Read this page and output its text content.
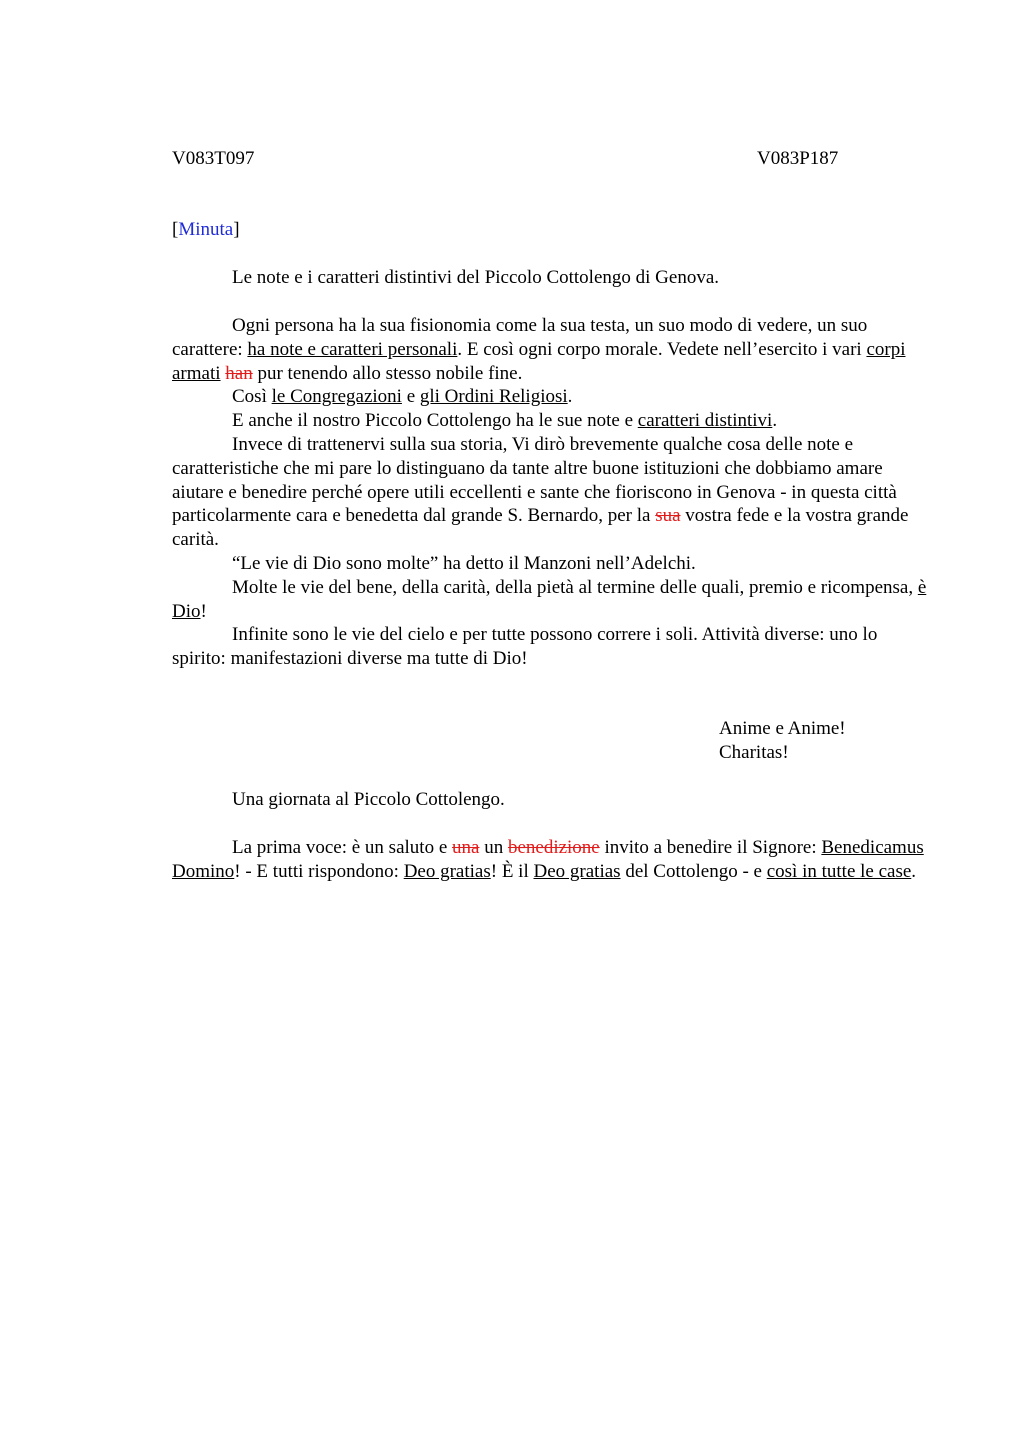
V083T097	V083P187
[Minuta]
Le note e i caratteri distintivi del Piccolo Cottolengo di Genova.

Ogni persona ha la sua fisionomia come la sua testa, un suo modo di vedere, un suo carattere: ha note e caratteri personali. E così ogni corpo morale. Vedete nell’esercito i vari corpi armati han pur tenendo allo stesso nobile fine.

Così le Congregazioni e gli Ordini Religiosi.

E anche il nostro Piccolo Cottolengo ha le sue note e caratteri distintivi.

Invece di trattenervi sulla sua storia, Vi dirò brevemente qualche cosa delle note e caratteristiche che mi pare lo distinguano da tante altre buone istituzioni che dobbiamo amare aiutare e benedire perché opere utili eccellenti e sante che fioriscono in Genova - in questa città particolarmente cara e benedetta dal grande S. Bernardo, per la sua vostra fede e la vostra grande carità.

“Le vie di Dio sono molte” ha detto il Manzoni nell’Adelchi.

Molte le vie del bene, della carità, della pietà al termine delle quali, premio e ricompensa, è Dio!

Infinite sono le vie del cielo e per tutte possono correre i soli. Attività diverse: uno lo spirito: manifestazioni diverse ma tutte di Dio!

Anime e Anime!
Charitas!
Una giornata al Piccolo Cottolengo.

La prima voce: è un saluto e una un benedizione invito a benedire il Signore: Benedicamus Domino! - E tutti rispondono: Deo gratias! È il Deo gratias del Cottolengo - e così in tutte le case.
